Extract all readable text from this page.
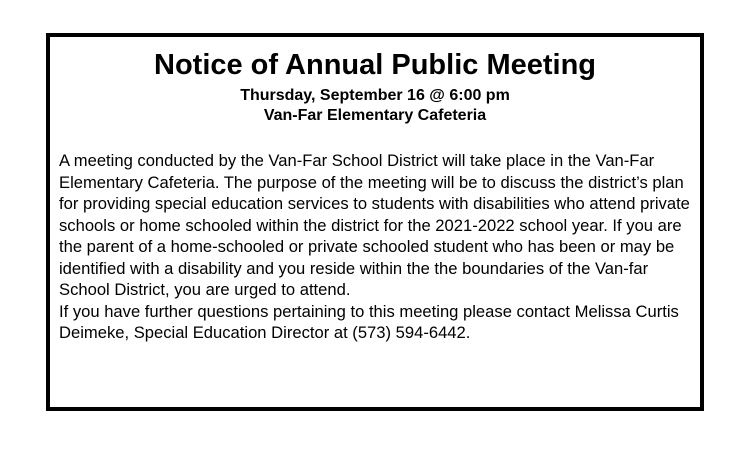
Notice of Annual Public Meeting
Thursday, September 16 @ 6:00 pm
Van-Far Elementary Cafeteria

A meeting conducted by the Van-Far School District will take place in the Van-Far Elementary Cafeteria. The purpose of the meeting will be to discuss the district’s plan for providing special education services to students with disabilities who attend private schools or home schooled within the district for the 2021-2022 school year. If you are the parent of a home-schooled or private schooled student who has been or may be identified with a disability and you reside within the the boundaries of the Van-far School District, you are urged to attend.

If you have further questions pertaining to this meeting please contact Melissa Curtis Deimeke, Special Education Director at (573) 594-6442.
